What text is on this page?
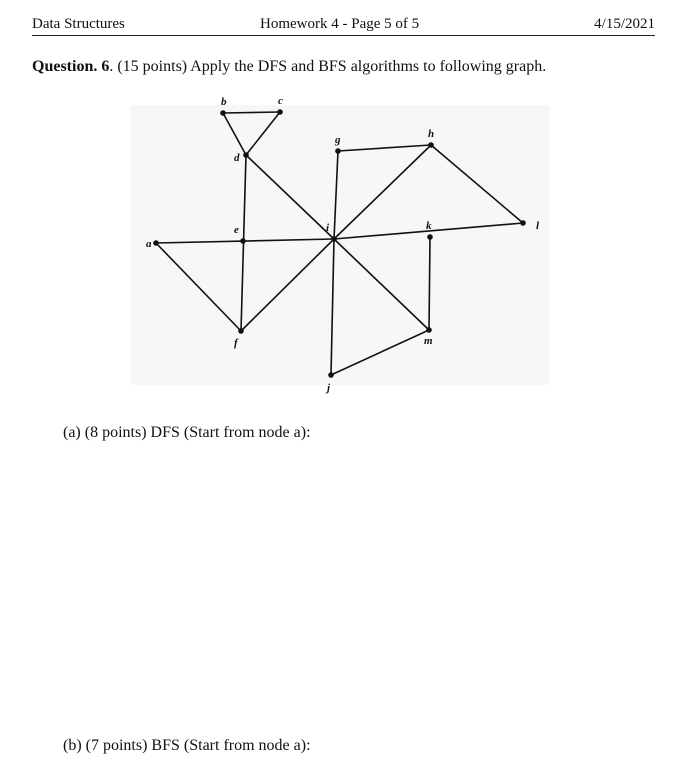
Data Structures	Homework 4 - Page 5 of 5	4/15/2021
Question. 6. (15 points) Apply the DFS and BFS algorithms to following graph.
a
b	c
d
e
f
g	h
i
j
k	l
m
(a) (8 points) DFS (Start from node a):
(b) (7 points) BFS (Start from node a):
